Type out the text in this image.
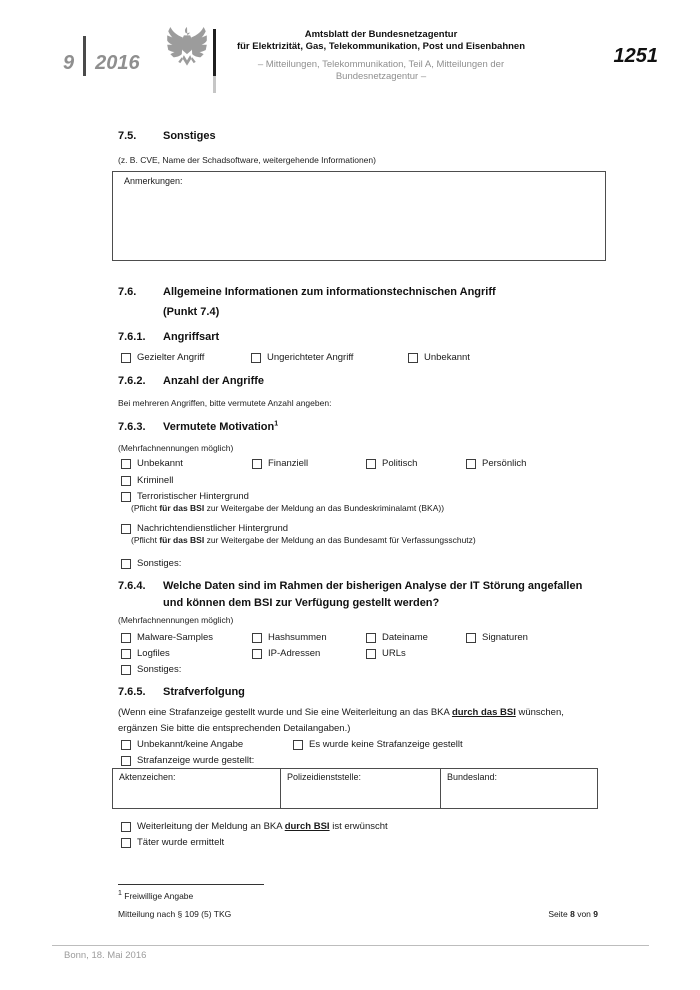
9 2016
Amtsblatt der Bundesnetzagentur
für Elektrizität, Gas, Telekommunikation, Post und Eisenbahnen
– Mitteilungen, Telekommunikation, Teil A, Mitteilungen der Bundesnetzagentur –
1251
7.5.	Sonstiges
(z. B. CVE, Name der Schadsoftware, weitergehende Informationen)
Anmerkungen:
7.6.	Allgemeine Informationen zum informationstechnischen Angriff
(Punkt 7.4)
7.6.1.	Angriffsart
Gezielter Angriff	Ungerichteter Angriff	Unbekannt
7.6.2.	Anzahl der Angriffe
Bei mehreren Angriffen, bitte vermutete Anzahl angeben:
7.6.3.	Vermutete Motivation$^1$
(Mehrfachnennungen möglich)
Unbekannt	Finanziell	Politisch	Persönlich
Kriminell
Terroristischer Hintergrund
(Pflicht für das BSI zur Weitergabe der Meldung an das Bundeskriminalamt (BKA))
Nachrichtendienstlicher Hintergrund
(Pflicht für das BSI zur Weitergabe der Meldung an das Bundesamt für Verfassungsschutz)
Sonstiges:
7.6.4.	Welche Daten sind im Rahmen der bisherigen Analyse der IT Störung angefallen
und können dem BSI zur Verfügung gestellt werden?
(Mehrfachnennungen möglich)
Malware-Samples	Hashsummen	Dateiname	Signaturen
Logfiles	IP-Adressen	URLs
Sonstiges:
7.6.5.	Strafverfolgung
(Wenn eine Strafanzeige gestellt wurde und Sie eine Weiterleitung an das BKA durch das BSI wünschen, ergänzen Sie bitte die entsprechenden Detailangaben.)
Unbekannt/keine Angabe	Es wurde keine Strafanzeige gestellt
Strafanzeige wurde gestellt:
Aktenzeichen:	Polizeidienststelle:	Bundesland:
Weiterleitung der Meldung an BKA durch BSI ist erwünscht
Täter wurde ermittelt
$^1$ Freiwillige Angabe
Mitteilung nach § 109 (5) TKG	Seite 8 von 9
Bonn, 18. Mai 2016
